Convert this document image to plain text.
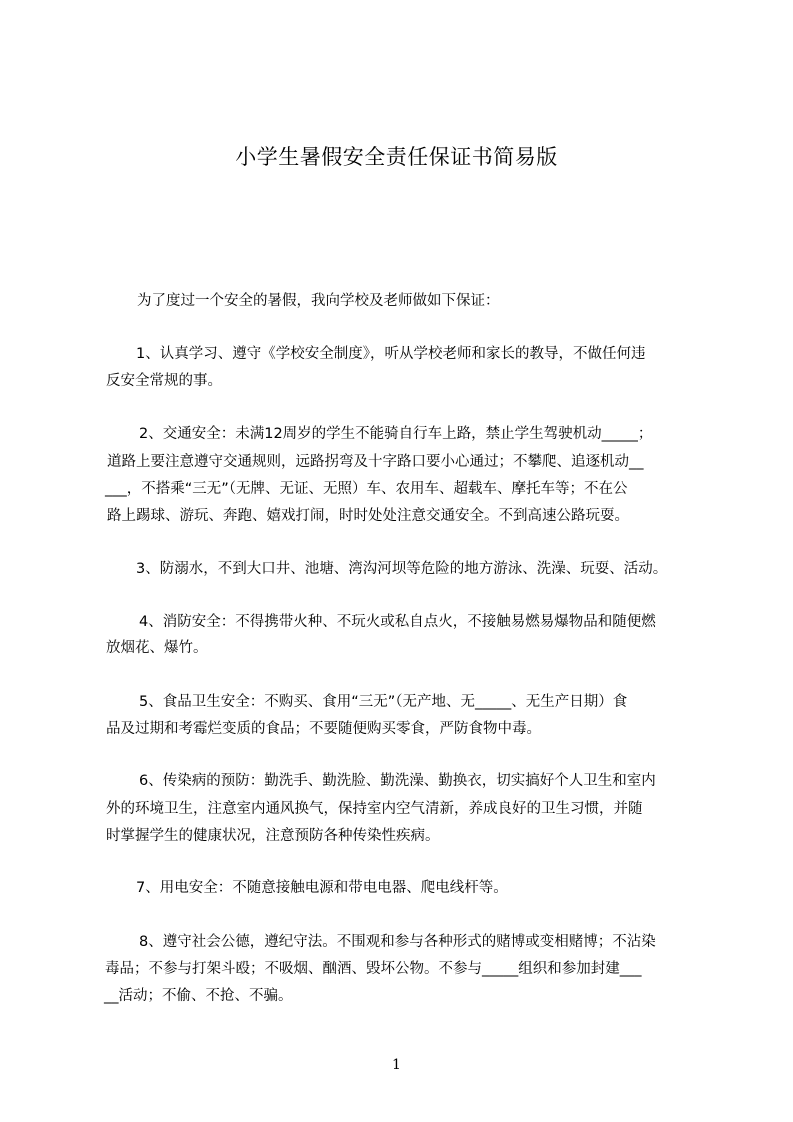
小学生暑假安全责任保证书简易版
为了度过一个安全的暑假，我向学校及老师做如下保证：
1、认真学习、遵守《学校安全制度》，听从学校老师和家长的教导，不做任何违
反安全常规的事。
2、交通安全：未满12周岁的学生不能骑自行车上路，禁止学生驾驶机动_____；
道路上要注意遵守交通规则，远路拐弯及十字路口要小心通过；不攀爬、追逐机动__
___，不搭乘“三无”（无牌、无证、无照）车、农用车、超载车、摩托车等；不在公
路上踢球、游玩、奔跑、嬉戏打闹，时时处处注意交通安全。不到高速公路玩耍。
3、防溺水，不到大口井、池塘、湾沟河坝等危险的地方游泳、洗澡、玩耍、活动。
4、消防安全：不得携带火种、不玩火或私自点火，不接触易燃易爆物品和随便燃
放烟花、爆竹。
5、食品卫生安全：不购买、食用“三无”（无产地、无_____、无生产日期）食
品及过期和考霉烂变质的食品；不要随便购买零食，严防食物中毒。
6、传染病的预防：勤洗手、勤洗脸、勤洗澡、勤换衣，切实搞好个人卫生和室内
外的环境卫生，注意室内通风换气，保持室内空气清新，养成良好的卫生习惯，并随
时掌握学生的健康状况，注意预防各种传染性疾病。
7、用电安全：不随意接触电源和带电电器、爬电线杆等。
8、遵守社会公德，遵纪守法。不围观和参与各种形式的赌博或变相赌博；不沾染
毒品；不参与打架斗殴；不吸烟、酗酒、毁坏公物。不参与_____组织和参加封建___
__活动；不偷、不抢、不骗。
1
